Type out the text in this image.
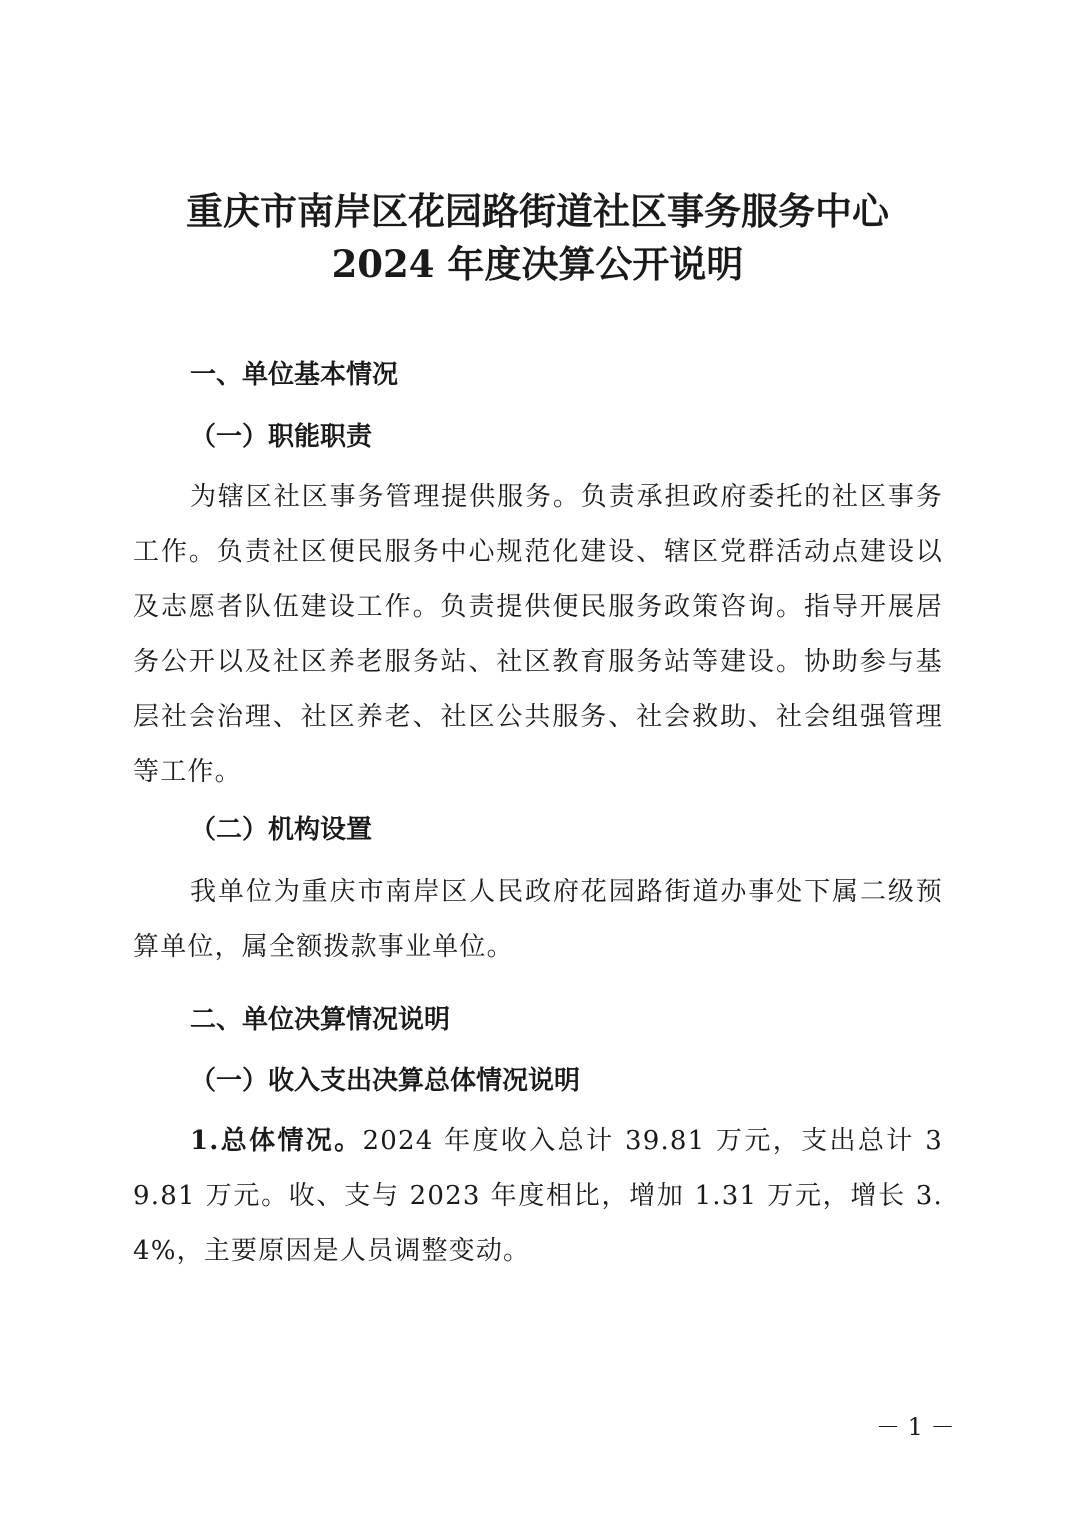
重庆市南岸区花园路街道社区事务服务中心
2024 年度决算公开说明
一、单位基本情况
（一）职能职责

为辖区社区事务管理提供服务。负责承担政府委托的社区事务工作。负责社区便民服务中心规范化建设、辖区党群活动点建设以及志愿者队伍建设工作。负责提供便民服务政策咨询。指导开展居务公开以及社区养老服务站、社区教育服务站等建设。协助参与基层社会治理、社区养老、社区公共服务、社会救助、社会组强管理等工作。

（二）机构设置

我单位为重庆市南岸区人民政府花园路街道办事处下属二级预算单位，属全额拨款事业单位。

二、单位决算情况说明
（一）收入支出决算总体情况说明

1.总体情况。2024 年度收入总计 39.81 万元，支出总计 39.81 万元。收、支与 2023 年度相比，增加 1.31 万元，增长 3.4%，主要原因是人员调整变动。

－ 1 －
